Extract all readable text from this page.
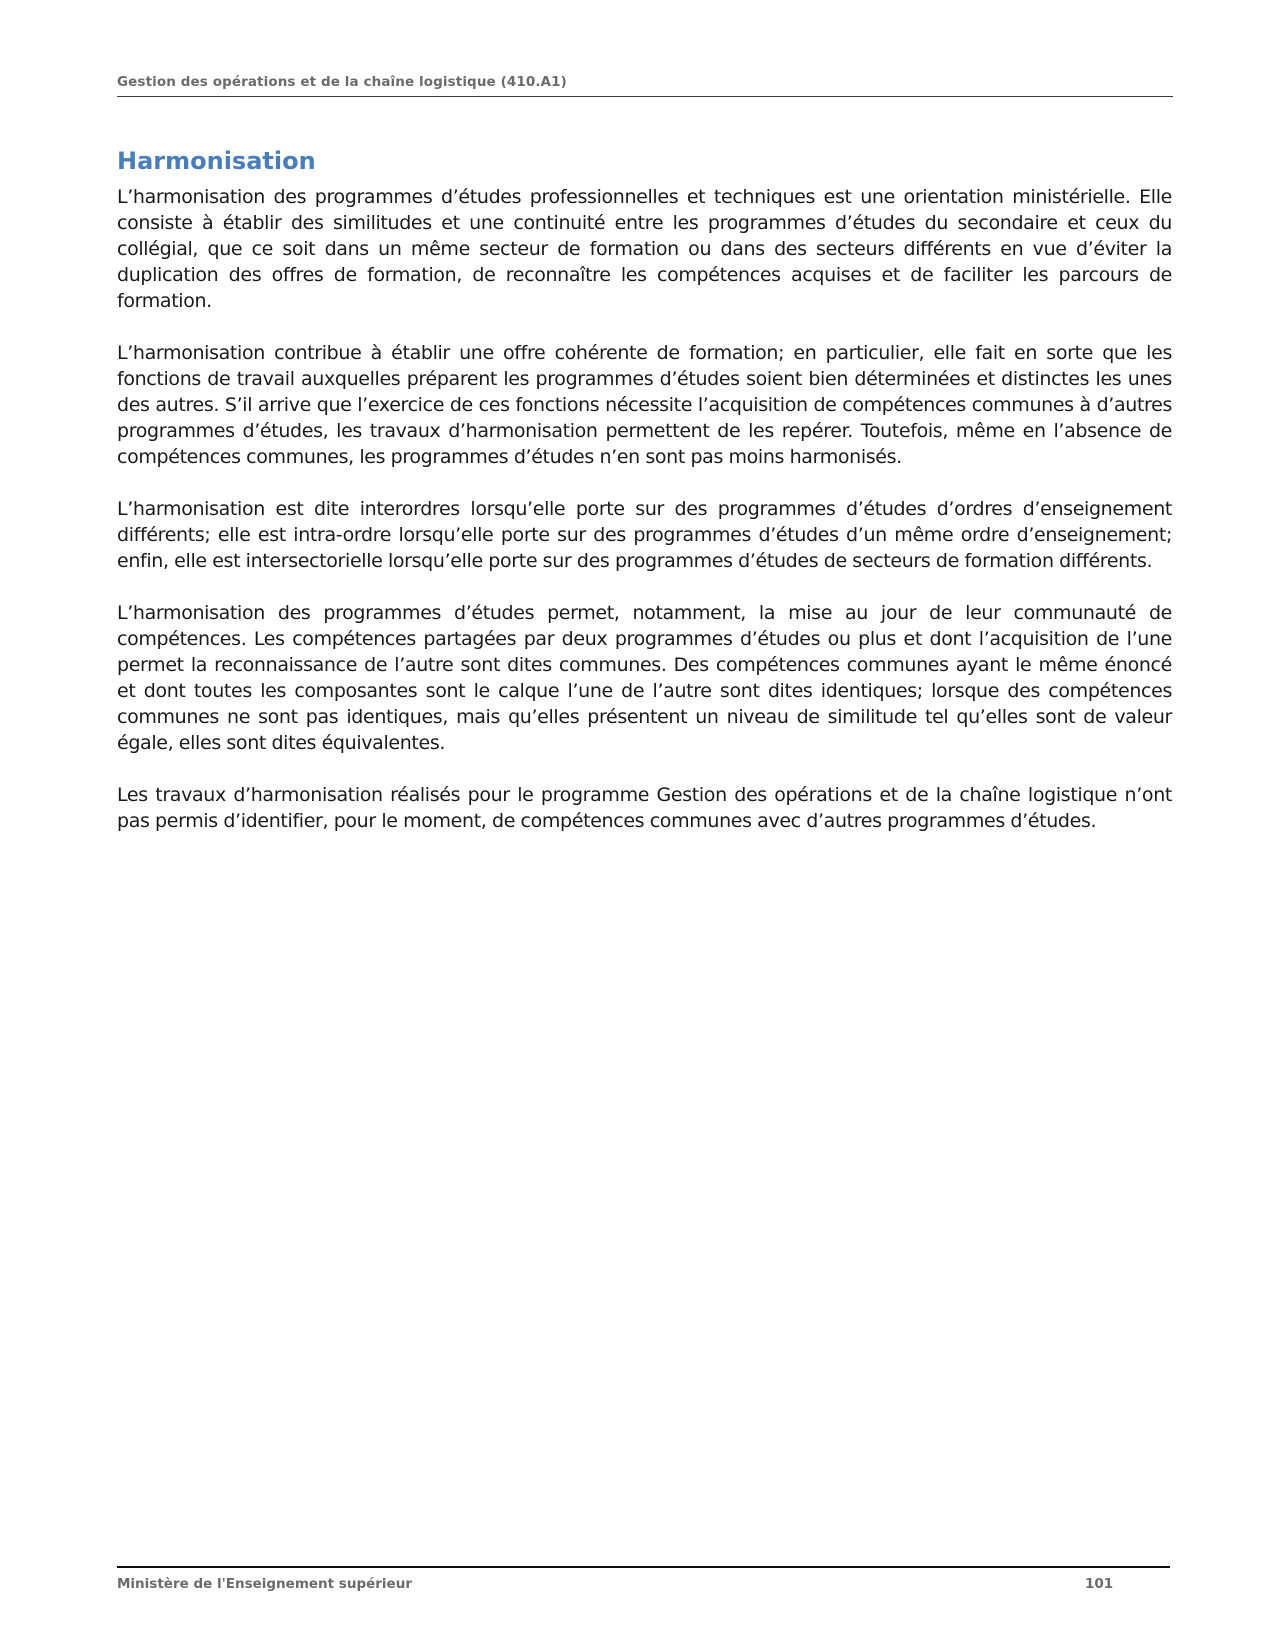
Gestion des opérations et de la chaîne logistique (410.A1)
Harmonisation

L’harmonisation des programmes d’études professionnelles et techniques est une orientation ministérielle. Elle consiste à établir des similitudes et une continuité entre les programmes d’études du secondaire et ceux du collégial, que ce soit dans un même secteur de formation ou dans des secteurs différents en vue d’éviter la duplication des offres de formation, de reconnaître les compétences acquises et de faciliter les parcours de formation.

L’harmonisation contribue à établir une offre cohérente de formation; en particulier, elle fait en sorte que les fonctions de travail auxquelles préparent les programmes d’études soient bien déterminées et distinctes les unes des autres. S’il arrive que l’exercice de ces fonctions nécessite l’acquisition de compétences communes à d’autres programmes d’études, les travaux d’harmonisation permettent de les repérer. Toutefois, même en l’absence de compétences communes, les programmes d’études n’en sont pas moins harmonisés.

L’harmonisation est dite interordres lorsqu’elle porte sur des programmes d’études d’ordres d’enseignement différents; elle est intra-ordre lorsqu’elle porte sur des programmes d’études d’un même ordre d’enseignement; enfin, elle est intersectorielle lorsqu’elle porte sur des programmes d’études de secteurs de formation différents.

L’harmonisation des programmes d’études permet, notamment, la mise au jour de leur communauté de compétences. Les compétences partagées par deux programmes d’études ou plus et dont l’acquisition de l’une permet la reconnaissance de l’autre sont dites communes. Des compétences communes ayant le même énoncé et dont toutes les composantes sont le calque l’une de l’autre sont dites identiques; lorsque des compétences communes ne sont pas identiques, mais qu’elles présentent un niveau de similitude tel qu’elles sont de valeur égale, elles sont dites équivalentes.

Les travaux d’harmonisation réalisés pour le programme Gestion des opérations et de la chaîne logistique n’ont pas permis d’identifier, pour le moment, de compétences communes avec d’autres programmes d’études.

Ministère de l'Enseignement supérieur	101
